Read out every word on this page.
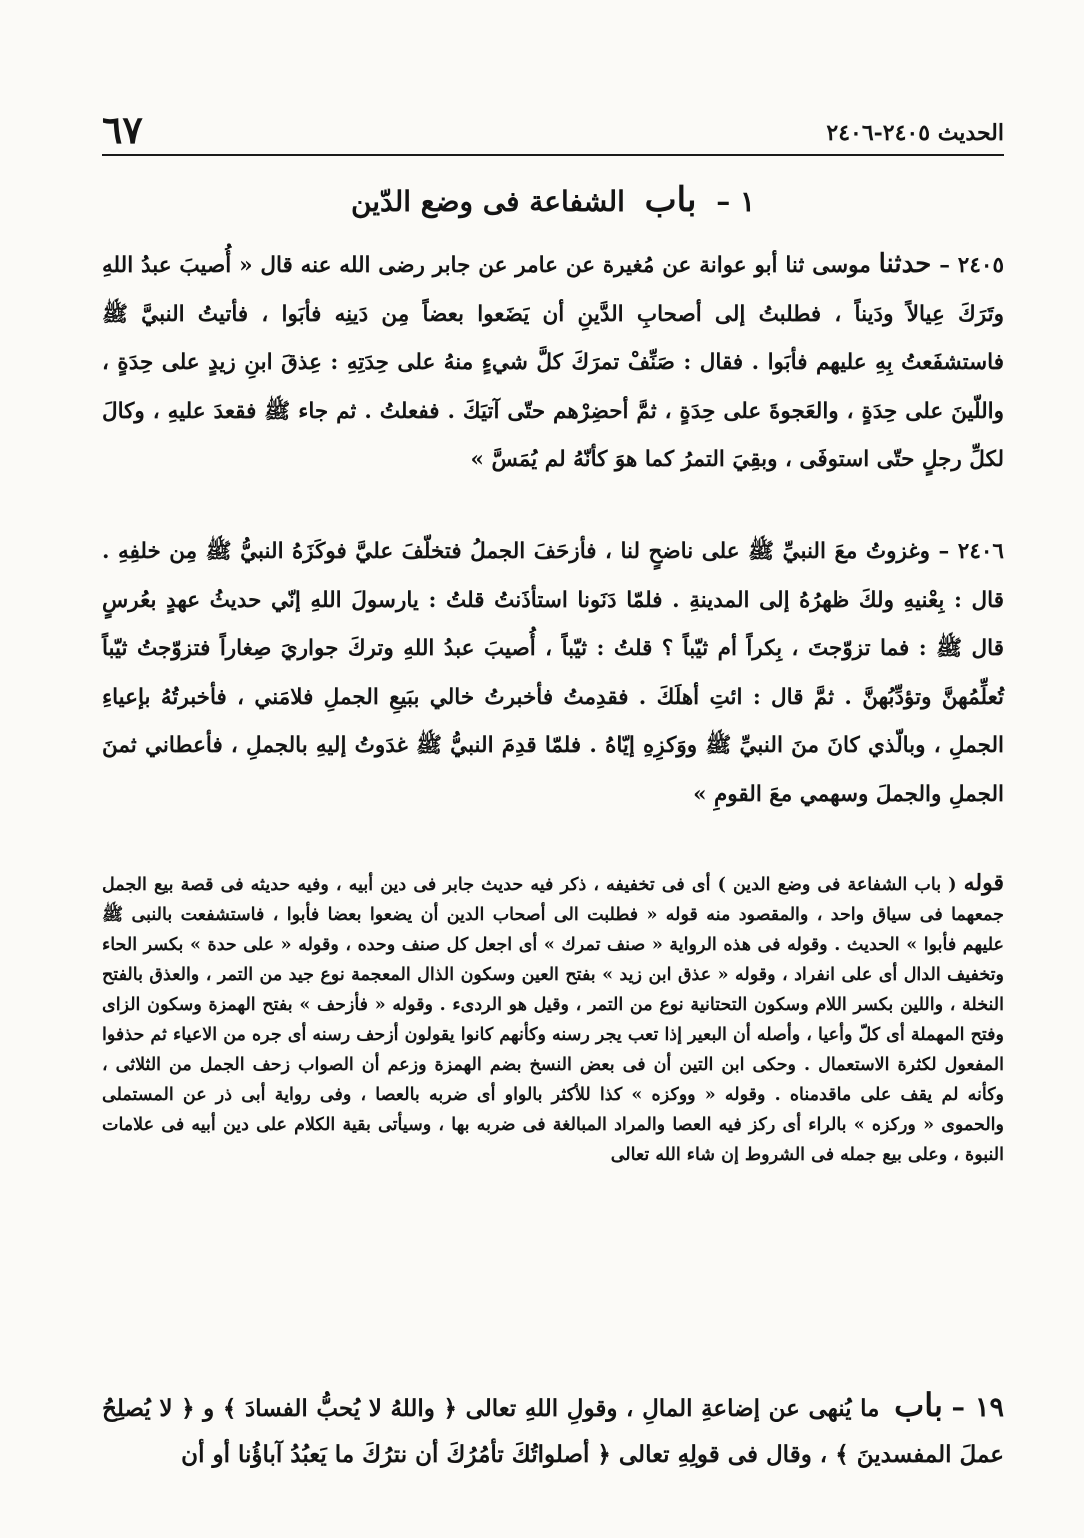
الحديث ٢٤٠٥-٢٤٠٦
٦٧
١ – باب الشفاعة فى وضع الدّين

٢٤٠٥ – حدثنا موسى ثنا أبو عوانة عن مُغيرة عن عامر عن جابر رضى الله عنه قال « أُصيبَ عبدُ اللهِ وتَرَكَ عِيالاً ودَيناً ، فطلبتُ إلى أصحابِ الدَّينِ أن يَضَعوا بعضاً مِن دَينِه فأبَوا ، فأتيتُ النبيَّ ﷺ فاستشفَعتُ بِهِ عليهم فأبَوا . فقال : صَنِّفْ تمرَكَ كلَّ شيءٍ منهُ على حِدَتِهِ : عِذقَ ابنِ زيدٍ على حِدَةٍ ، واللّينَ على حِدَةٍ ، والعَجوةَ على حِدَةٍ ، ثمَّ أحضِرْهم حتّى آتيَكَ . ففعلتُ . ثم جاء ﷺ فقعدَ عليهِ ، وكالَ لكلِّ رجلٍ حتّى استوفَى ، وبقِيَ التمرُ كما هوَ كأنّهُ لم يُمَسَّ »

٢٤٠٦ – وغزوتُ معَ النبيِّ ﷺ على ناضحٍ لنا ، فأزحَفَ الجملُ فتخلّفَ عليَّ فوكَزَهُ النبيُّ ﷺ مِن خلفِهِ . قال : بِعْنيهِ ولكَ ظهرُهُ إلى المدينةِ . فلمّا دَنَونا استأذَنتُ قلتُ : يارسولَ اللهِ إنّي حديثُ عهدٍ بعُرسٍ قال ﷺ : فما تزوّجتَ ، بِكراً أم ثيّباً ؟ قلتُ : ثيّباً ، أُصيبَ عبدُ اللهِ وتركَ جواريَ صِغاراً فتزوّجتُ ثيّباً تُعلِّمُهنَّ وتؤدِّبُهنَّ . ثمَّ قال : ائتِ أهلَكَ . فقدِمتُ فأخبرتُ خالي ببَيعِ الجملِ فلامَني ، فأخبرتُهُ بإعياءِ الجملِ ، وبالّذي كانَ منَ النبيِّ ﷺ ووَكزِهِ إيّاهُ . فلمّا قدِمَ النبيُّ ﷺ غدَوتُ إليهِ بالجملِ ، فأعطاني ثمنَ الجملِ والجملَ وسهمي معَ القومِ »

قوله ( باب الشفاعة فى وضع الدين ) أى فى تخفيفه ، ذكر فيه حديث جابر فى دين أبيه ، وفيه حديثه فى قصة بيع الجمل جمعهما فى سياق واحد ، والمقصود منه قوله « فطلبت الى أصحاب الدين أن يضعوا بعضا فأبوا ، فاستشفعت بالنبى ﷺ عليهم فأبوا » الحديث . وقوله فى هذه الرواية « صنف تمرك » أى اجعل كل صنف وحده ، وقوله « على حدة » بكسر الحاء وتخفيف الدال أى على انفراد ، وقوله « عذق ابن زيد » بفتح العين وسكون الذال المعجمة نوع جيد من التمر ، والعذق بالفتح النخلة ، واللين بكسر اللام وسكون التحتانية نوع من التمر ، وقيل هو الردىء . وقوله « فأزحف » بفتح الهمزة وسكون الزاى وفتح المهملة أى كلّ وأعيا ، وأصله أن البعير إذا تعب يجر رسنه وكأنهم كانوا يقولون أزحف رسنه أى جره من الاعياء ثم حذفوا المفعول لكثرة الاستعمال . وحكى ابن التين أن فى بعض النسخ بضم الهمزة وزعم أن الصواب زحف الجمل من الثلاثى ، وكأنه لم يقف على ماقدمناه . وقوله « ووكزه » كذا للأكثر بالواو أى ضربه بالعصا ، وفى رواية أبى ذر عن المستملى والحموى « وركزه » بالراء أى ركز فيه العصا والمراد المبالغة فى ضربه بها ، وسيأتى بقية الكلام على دين أبيه فى علامات النبوة ، وعلى بيع جمله فى الشروط إن شاء الله تعالى

١٩ – باب ما يُنهى عن إضاعةِ المالِ ، وقولِ اللهِ تعالى ﴿ واللهُ لا يُحبُّ الفسادَ ﴾ و ﴿ لا يُصلِحُ عملَ المفسدينَ ﴾ ، وقال فى قولِهِ تعالى ﴿ أصلواتُكَ تأمُرُكَ أن نترُكَ ما يَعبُدُ آباؤُنا أو أن
